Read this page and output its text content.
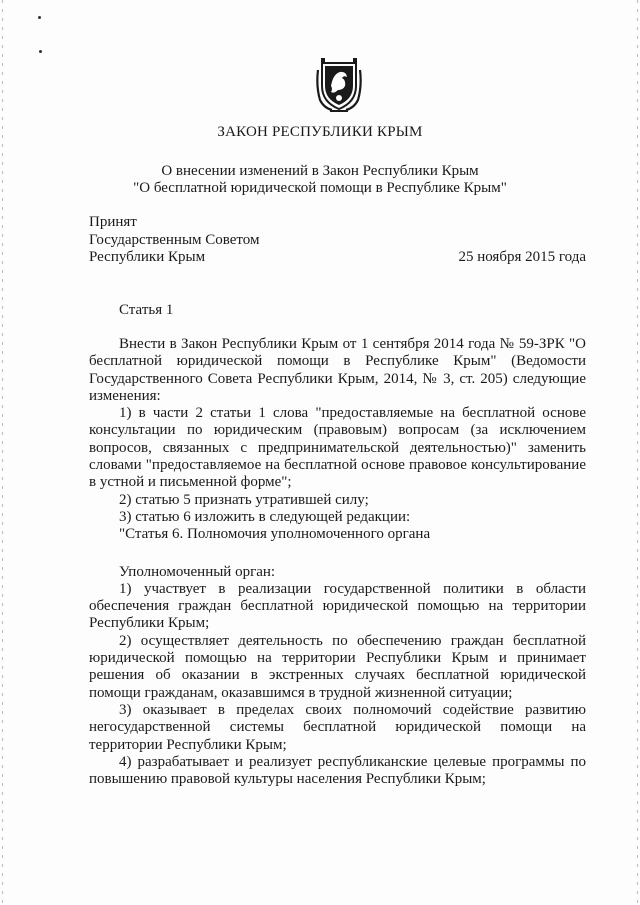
ЗАКОН РЕСПУБЛИКИ КРЫМ
О внесении изменений в Закон Республики Крым
"О бесплатной юридической помощи в Республике Крым"
Принят
Государственным Советом
Республики Крым	25 ноября 2015 года
Статья 1

Внести в Закон Республики Крым от 1 сентября 2014 года № 59-ЗРК "О бесплатной юридической помощи в Республике Крым" (Ведомости Государственного Совета Республики Крым, 2014, № 3, ст. 205) следующие изменения:

1) в части 2 статьи 1 слова "предоставляемые на бесплатной основе консультации по юридическим (правовым) вопросам (за исключением вопросов, связанных с предпринимательской деятельностью)" заменить словами "предоставляемое на бесплатной основе правовое консультирование в устной и письменной форме";

2) статью 5 признать утратившей силу;

3) статью 6 изложить в следующей редакции:

"Статья 6. Полномочия уполномоченного органа

Уполномоченный орган:

1) участвует в реализации государственной политики в области обеспечения граждан бесплатной юридической помощью на территории Республики Крым;

2) осуществляет деятельность по обеспечению граждан бесплатной юридической помощью на территории Республики Крым и принимает решения об оказании в экстренных случаях бесплатной юридической помощи гражданам, оказавшимся в трудной жизненной ситуации;

3) оказывает в пределах своих полномочий содействие развитию негосударственной системы бесплатной юридической помощи на территории Республики Крым;

4) разрабатывает и реализует республиканские целевые программы по повышению правовой культуры населения Республики Крым;
